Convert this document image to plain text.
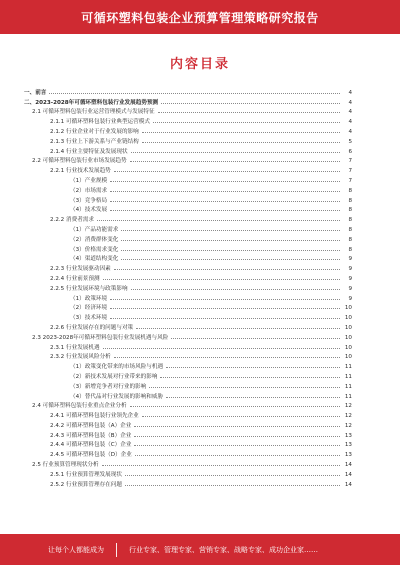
可循环塑料包装企业预算管理策略研究报告
内容目录
一、前言	4
二、2023-2028年可循环塑料包装行业发展趋势预测	4
2.1 可循环塑料包装行业运营管理模式与发展特征	4
2.1.1 可循环塑料包装行业典型运营模式	4
2.1.2 行业企业对于行业发展的影响	4
2.1.3 行业上下游关系与产业链结构	5
2.1.4 行业主要特征及发展现状	6
2.2 可循环塑料包装行业市场发展趋势	7
2.2.1 行业技术发展趋势	7
（1）产业规模	7
（2）市场需求	8
（3）竞争格局	8
（4）技术发展	8
2.2.2 消费者需求	8
（1）产品功能需求	8
（2）消费群体变化	8
（3）价格需求变化	8
（4）渠道结构变化	9
2.2.3 行业发展驱动因素	9
2.2.4 行业前景预测	9
2.2.5 行业发展环境与政策影响	9
（1）政策环境	9
（2）经济环境	10
（3）技术环境	10
2.2.6 行业发展存在的问题与对策	10
2.3 2023-2028年可循环塑料包装行业发展机遇与风险	10
2.3.1 行业发展机遇	10
2.3.2 行业发展风险分析	10
（1）政策变化带来的市场风险与机遇	11
（2）新技术发展对行业带来的影响	11
（3）新增竞争者对行业的影响	11
（4）替代品对行业发展的影响和威胁	11
2.4 可循环塑料包装行业重点企业分析	12
2.4.1 可循环塑料包装行业领先企业	12
2.4.2 可循环塑料包装（A）企业	12
2.4.3 可循环塑料包装（B）企业	13
2.4.4 可循环塑料包装（C）企业	13
2.4.5 可循环塑料包装（D）企业	13
2.5 行业预算管理现状分析	14
2.5.1 行业预算管理发展现状	14
2.5.2 行业预算管理存在问题	14
让每个人都能成为	行业专家、管理专家、营销专家、战略专家、成功企业家……
